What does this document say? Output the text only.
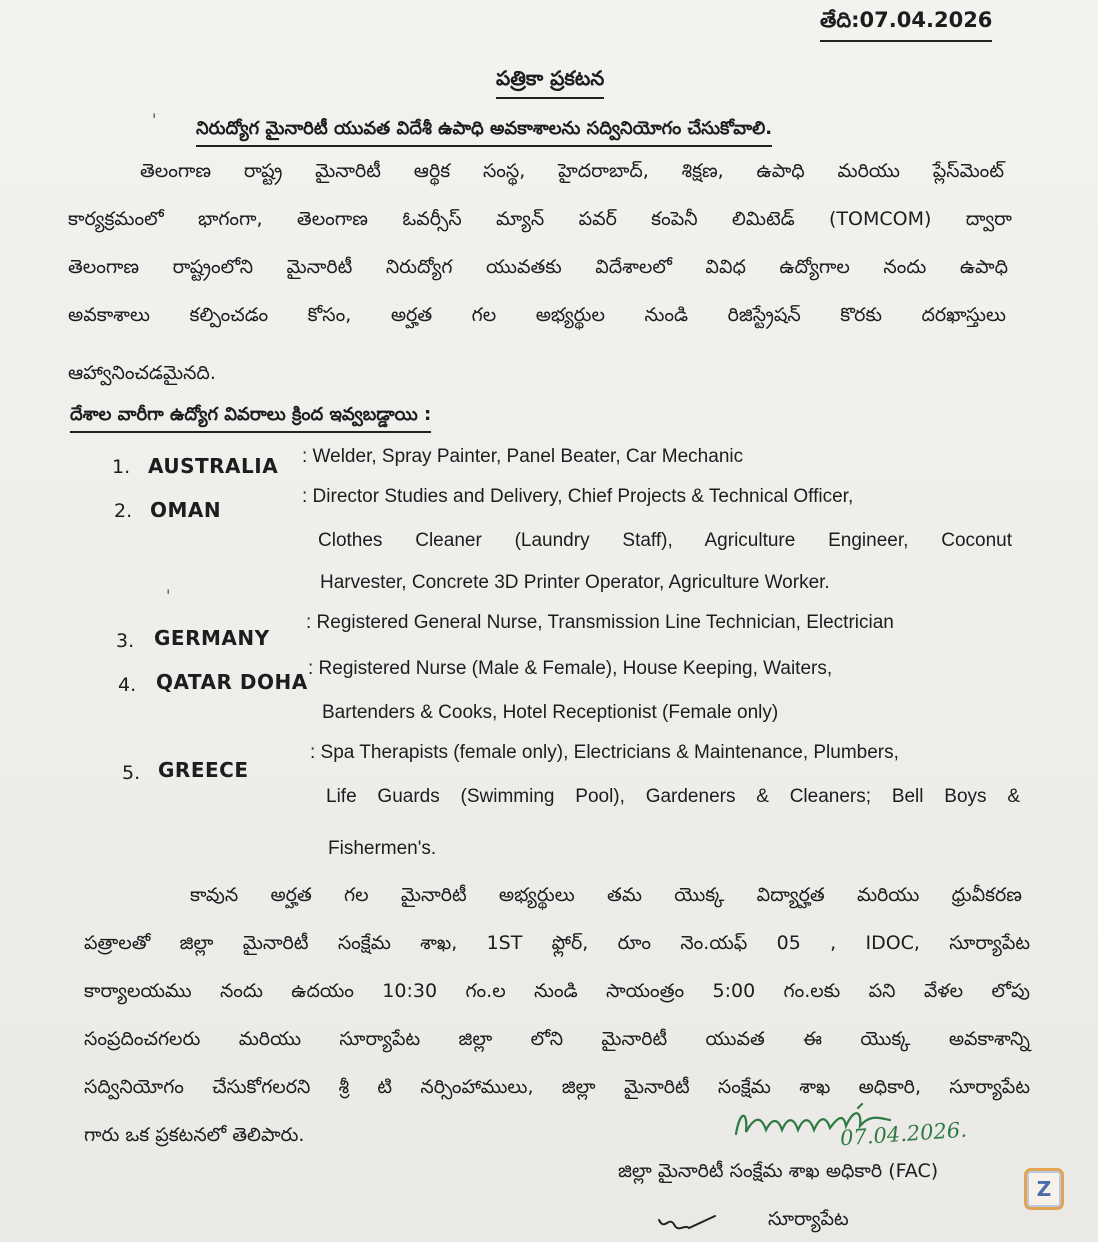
తేది:07.04.2026
పత్రికా ప్రకటన
' నిరుద్యోగ మైనారిటీ యువత విదేశీ ఉపాధి అవకాశాలను సద్వినియోగం చేసుకోవాలి.
తెలంగాణ రాష్ట్ర మైనారిటీ ఆర్థిక సంస్థ, హైదరాబాద్, శిక్షణ, ఉపాధి మరియు ప్లేస్‌మెంట్
కార్యక్రమంలో భాగంగా, తెలంగాణ ఓవర్సీస్ మ్యాన్ పవర్ కంపెనీ లిమిటెడ్ (TOMCOM) ద్వారా
తెలంగాణ రాష్ట్రంలోని మైనారిటీ నిరుద్యోగ యువతకు విదేశాలలో వివిధ ఉద్యోగాల నందు ఉపాధి
అవకాశాలు కల్పించడం కోసం, అర్హత గల అభ్యర్థుల నుండి రిజిస్ట్రేషన్ కొరకు దరఖాస్తులు
ఆహ్వానించడమైనది.
దేశాల వారీగా ఉద్యోగ వివరాలు క్రింద ఇవ్వబడ్డాయి :
1. AUSTRALIA : Welder, Spray Painter, Panel Beater, Car Mechanic
2. OMAN
: Director Studies and Delivery, Chief Projects & Technical Officer,
Clothes Cleaner (Laundry Staff), Agriculture Engineer, Coconut
'
Harvester, Concrete 3D Printer Operator, Agriculture Worker.
3. GERMANY
: Registered General Nurse, Transmission Line Technician, Electrician
4. QATAR DOHA
: Registered Nurse (Male & Female), House Keeping, Waiters,
Bartenders & Cooks, Hotel Receptionist (Female only)
5. GREECE
: Spa Therapists (female only), Electricians & Maintenance, Plumbers,
Life Guards (Swimming Pool), Gardeners & Cleaners; Bell Boys &
Fishermen's.
కావున అర్హత గల మైనారిటీ అభ్యర్థులు తమ యొక్క విద్యార్హత మరియు ధ్రువీకరణ
పత్రాలతో జిల్లా మైనారిటీ సంక్షేమ శాఖ, 1ST ఫ్లోర్, రూం నెం.యఫ్ 05 , IDOC, సూర్యాపేట
కార్యాలయము నందు ఉదయం 10:30 గం.ల నుండి సాయంత్రం 5:00 గం.లకు పని వేళల లోపు
సంప్రదించగలరు మరియు సూర్యాపేట జిల్లా లోని మైనారిటీ యువత ఈ యొక్క అవకాశాన్ని
సద్వినియోగం చేసుకోగలరని శ్రీ టి నర్సింహాములు, జిల్లా మైనారిటీ సంక్షేమ శాఖ అధికారి, సూర్యాపేట
గారు ఒక ప్రకటనలో తెలిపారు.	07.04.2026.
జిల్లా మైనారిటీ సంక్షేమ శాఖ అధికారి (FAC)
సూర్యాపేట
Z
